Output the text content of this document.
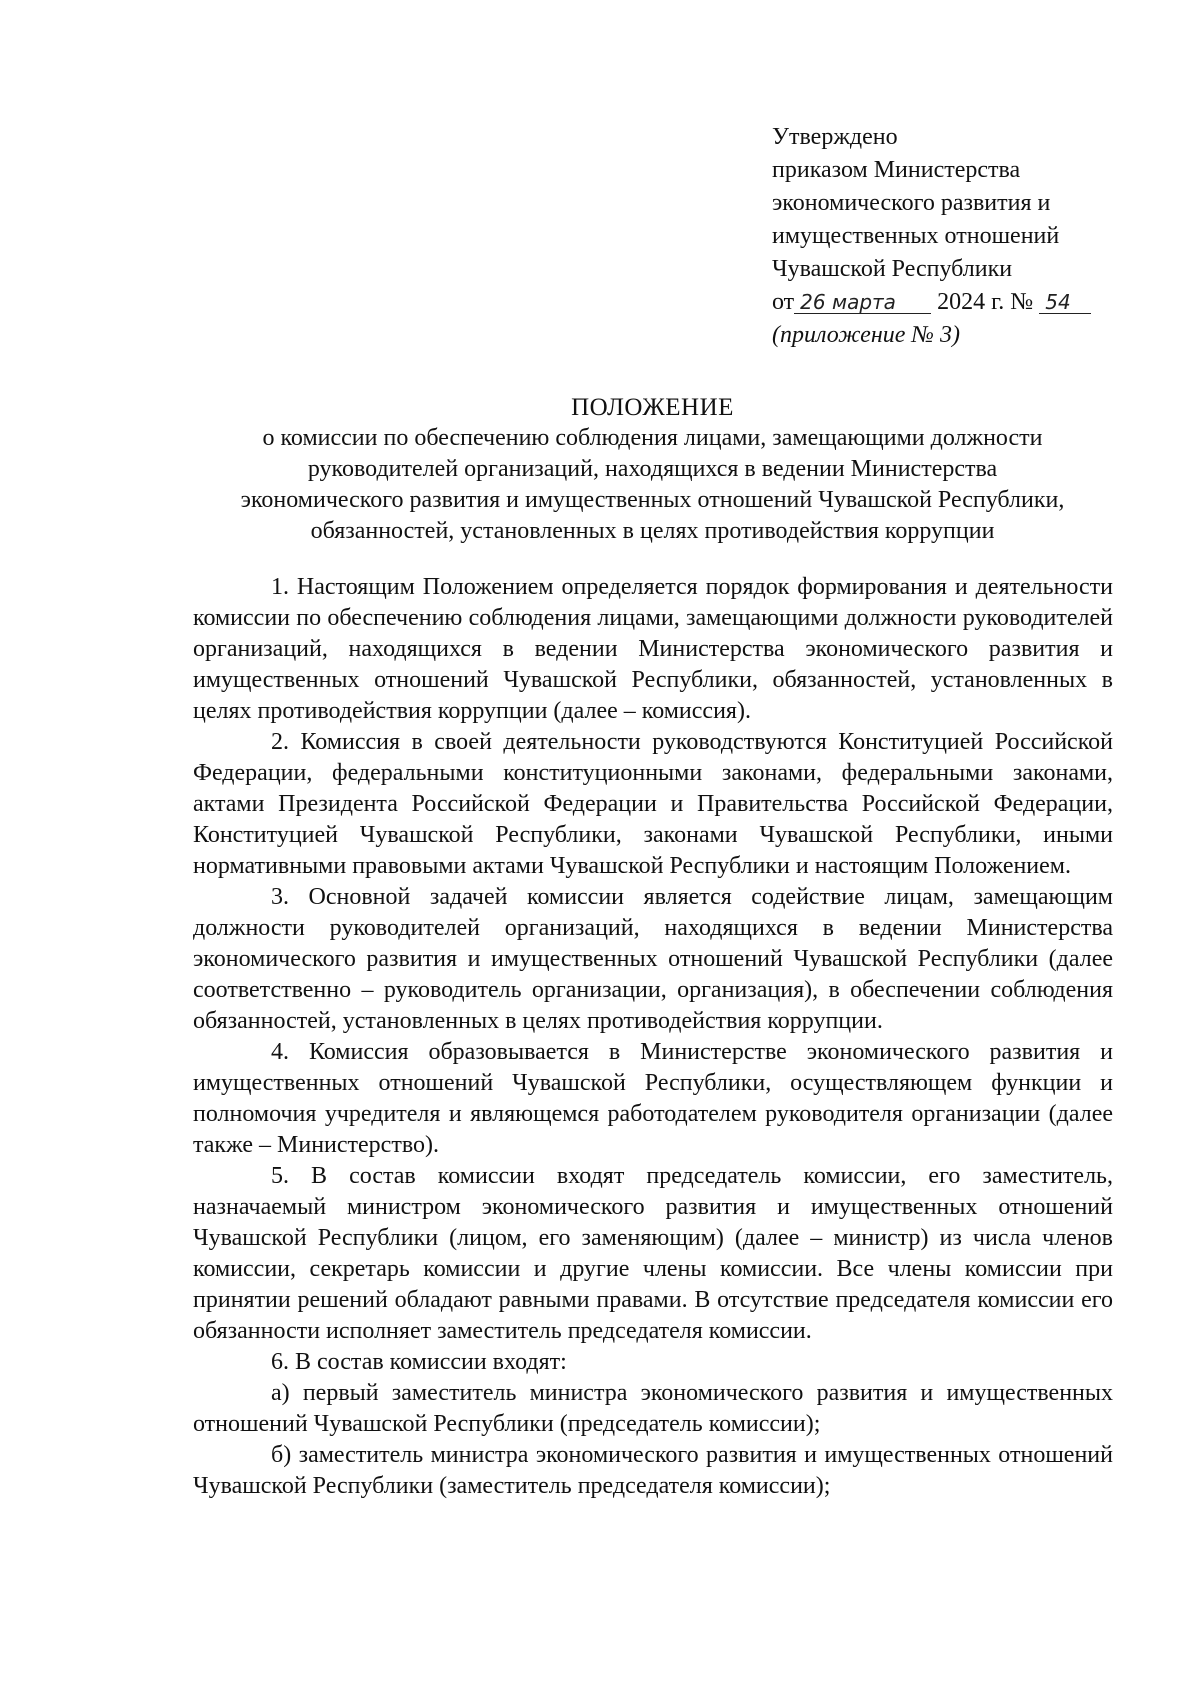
Утверждено
приказом Министерства
экономического развития и
имущественных отношений
Чувашской Республики
от 26 марта 2024 г. № 54
(приложение № 3)
ПОЛОЖЕНИЕ
о комиссии по обеспечению соблюдения лицами, замещающими должности
руководителей организаций, находящихся в ведении Министерства
экономического развития и имущественных отношений Чувашской Республики,
обязанностей, установленных в целях противодействия коррупции

1. Настоящим Положением определяется порядок формирования и деятельности комиссии по обеспечению соблюдения лицами, замещающими должности руководителей организаций, находящихся в ведении Министерства экономического развития и имущественных отношений Чувашской Республики, обязанностей, установленных в целях противодействия коррупции (далее – комиссия).

2. Комиссия в своей деятельности руководствуются Конституцией Российской Федерации, федеральными конституционными законами, федеральными законами, актами Президента Российской Федерации и Правительства Российской Федерации, Конституцией Чувашской Республики, законами Чувашской Республики, иными нормативными правовыми актами Чувашской Республики и настоящим Положением.

3. Основной задачей комиссии является содействие лицам, замещающим должности руководителей организаций, находящихся в ведении Министерства экономического развития и имущественных отношений Чувашской Республики (далее соответственно – руководитель организации, организация), в обеспечении соблюдения обязанностей, установленных в целях противодействия коррупции.

4. Комиссия образовывается в Министерстве экономического развития и имущественных отношений Чувашской Республики, осуществляющем функции и полномочия учредителя и являющемся работодателем руководителя организации (далее также – Министерство).

5. В состав комиссии входят председатель комиссии, его заместитель, назначаемый министром экономического развития и имущественных отношений Чувашской Республики (лицом, его заменяющим) (далее – министр) из числа членов комиссии, секретарь комиссии и другие члены комиссии. Все члены комиссии при принятии решений обладают равными правами. В отсутствие председателя комиссии его обязанности исполняет заместитель председателя комиссии.

6. В состав комиссии входят:

а) первый заместитель министра экономического развития и имущественных отношений Чувашской Республики (председатель комиссии);

б) заместитель министра экономического развития и имущественных отношений Чувашской Республики (заместитель председателя комиссии);
